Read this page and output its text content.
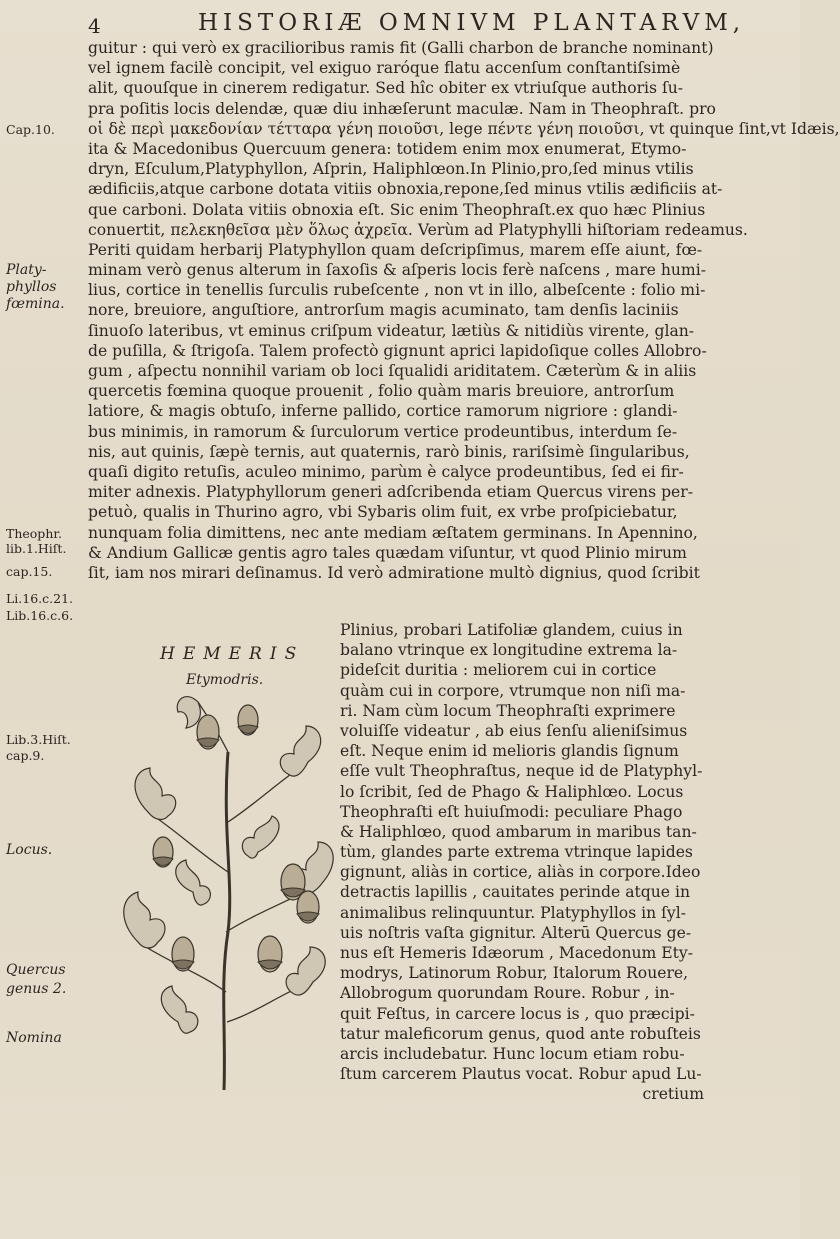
4	HISTORIÆ OMNIVM PLANTARVM,
guitur : qui verò ex gracilioribus ramis fit (Galli charbon de branche nominant)
vel ignem facilè concipit, vel exiguo raróque flatu accenſum conſtantiſsimè
alit, quouſque in cinerem redigatur. Sed hîc obiter ex vtriuſque authoris ſu-
pra poſitis locis delendæ, quæ diu inhæſerunt maculæ. Nam in Theophraſt. pro
οἱ δὲ περὶ μακεδονίαν τέτταρα γένη ποιοῦσι, lege πέντε γένη ποιοῦσι, vt quinque ſint,vt Idæis,
ita & Macedonibus Quercuum genera: totidem enim mox enumerat, Etymo-
dryn, Eſculum,Platyphyllon, Aſprin, Haliphlœon.In Plinio,pro,ſed minus vtilis
ædificiis,atque carbone dotata vitiis obnoxia,repone,ſed minus vtilis ædificiis at-
que carboni. Dolata vitiis obnoxia eſt. Sic enim Theophraſt.ex quo hæc Plinius
conuertit, πελεκηθεῖσα μὲν ὅλως ἀχρεῖα. Verùm ad Platyphylli hiſtoriam redeamus.
Periti quidam herbarij Platyphyllon quam deſcripſimus, marem eſſe aiunt, fœ-
minam verò genus alterum in ſaxoſis & aſperis locis ferè naſcens , mare humi-
lius, cortice in tenellis ſurculis rubeſcente , non vt in illo, albeſcente : folio mi-
nore, breuiore, anguſtiore, antrorſum magis acuminato, tam denſis laciniis
ſinuoſo lateribus, vt eminus criſpum videatur, lætiùs & nitidiùs virente, glan-
de puſilla, & ſtrigoſa. Talem profectò gignunt aprici lapidoſique colles Allobro-
gum , aſpectu nonnihil variam ob loci ſqualidi ariditatem. Cæterùm & in aliis
quercetis fœmina quoque prouenit , folio quàm maris breuiore, antrorſum
latiore, & magis obtuſo, inferne pallido, cortice ramorum nigriore : glandi-
bus minimis, in ramorum & ſurculorum vertice prodeuntibus, interdum ſe-
nis, aut quinis, ſæpè ternis, aut quaternis, rarò binis, rariſsimè ſingularibus,
quaſi digito retuſis, aculeo minimo, parùm è calyce prodeuntibus, ſed ei fir-
miter adnexis. Platyphyllorum generi adſcribenda etiam Quercus virens per-
petuò, qualis in Thurino agro, vbi Sybaris olim fuit, ex vrbe proſpiciebatur,
nunquam folia dimittens, nec ante mediam æſtatem germinans. In Apennino,
& Andium Gallicæ gentis agro tales quædam viſuntur, vt quod Plinio mirum
ſit, iam nos mirari deſinamus. Id verò admiratione multò dignius, quod ſcribit
Cap.10.
Platy-
phyllos
fœmina.
Theophr.
lib.1.Hiſt.
cap.15.
Li.16.c.21.
Lib.16.c.6.
Lib.3.Hiſt.
cap.9.
Locus.
Quercus
genus 2.
Nomina
HEMERIS
Etymodris.
Plinius, probari Latifoliæ glandem, cuius in
balano vtrinque ex longitudine extrema la-
pideſcit duritia : meliorem cui in cortice
quàm cui in corpore, vtrumque non niſi ma-
ri. Nam cùm locum Theophraſti exprimere
voluiſſe videatur , ab eius ſenſu alieniſsimus
eſt. Neque enim id melioris glandis ſignum
eſſe vult Theophraſtus, neque id de Platyphyl-
lo ſcribit, ſed de Phago & Haliphlœo. Locus
Theophraſti eſt huiuſmodi: peculiare Phago
& Haliphlœo, quod ambarum in maribus tan-
tùm, glandes parte extrema vtrinque lapides
gignunt, aliàs in cortice, aliàs in corpore.Ideo
detractis lapillis , cauitates perinde atque in
animalibus relinquuntur. Platyphyllos in ſyl-
uis noſtris vaſta gignitur. Alterū Quercus ge-
nus eſt Hemeris Idæorum , Macedonum Ety-
modrys, Latinorum Robur, Italorum Rouere,
Allobrogum quorundam Roure. Robur , in-
quit Feſtus, in carcere locus is , quo præcipi-
tatur maleficorum genus, quod ante robuſteis
arcis includebatur. Hunc locum etiam robu-
ſtum carcerem Plautus vocat. Robur apud Lu-
cretium
